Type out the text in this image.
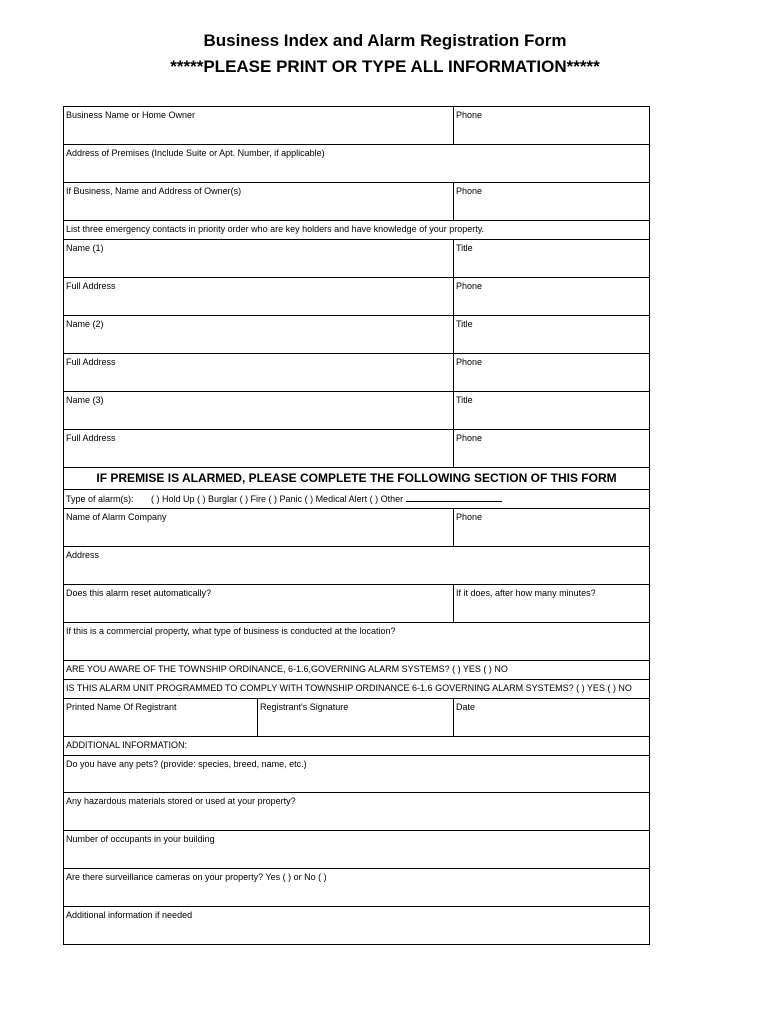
Business Index and Alarm Registration Form
*****PLEASE PRINT OR TYPE ALL INFORMATION*****
Business Name or Home Owner		Phone
Address of Premises (Include Suite or Apt. Number, if applicable)		
If Business, Name and Address of Owner(s)		Phone
List three emergency contacts in priority order who are key holders and have knowledge of your property.		
Name (1)		Title
Full Address		Phone
Name (2)		Title
Full Address		Phone
Name (3)		Title
Full Address		Phone
IF PREMISE IS ALARMED, PLEASE COMPLETE THE FOLLOWING SECTION OF THIS FORM		
Type of alarm(s): ( ) Hold Up ( ) Burglar ( ) Fire ( ) Panic ( ) Medical Alert ( ) Other		
Name of Alarm Company		Phone
Address		
Does this alarm reset automatically?		If it does, after how many minutes?
If this is a commercial property, what type of business is conducted at the location?		
ARE YOU AWARE OF THE TOWNSHIP ORDINANCE, 6-1.6,GOVERNING ALARM SYSTEMS? ( ) YES ( ) NO		
IS THIS ALARM UNIT PROGRAMMED TO COMPLY WITH TOWNSHIP ORDINANCE 6-1.6 GOVERNING ALARM SYSTEMS? ( ) YES ( ) NO		
Printed Name Of Registrant	Registrant's Signature	Date
ADDITIONAL INFORMATION:		
Do you have any pets? (provide: species, breed, name, etc.)		
Any hazardous materials stored or used at your property?		
Number of occupants in your building		
Are there surveillance cameras on your property? Yes ( ) or No ( )		
Additional information if needed		
